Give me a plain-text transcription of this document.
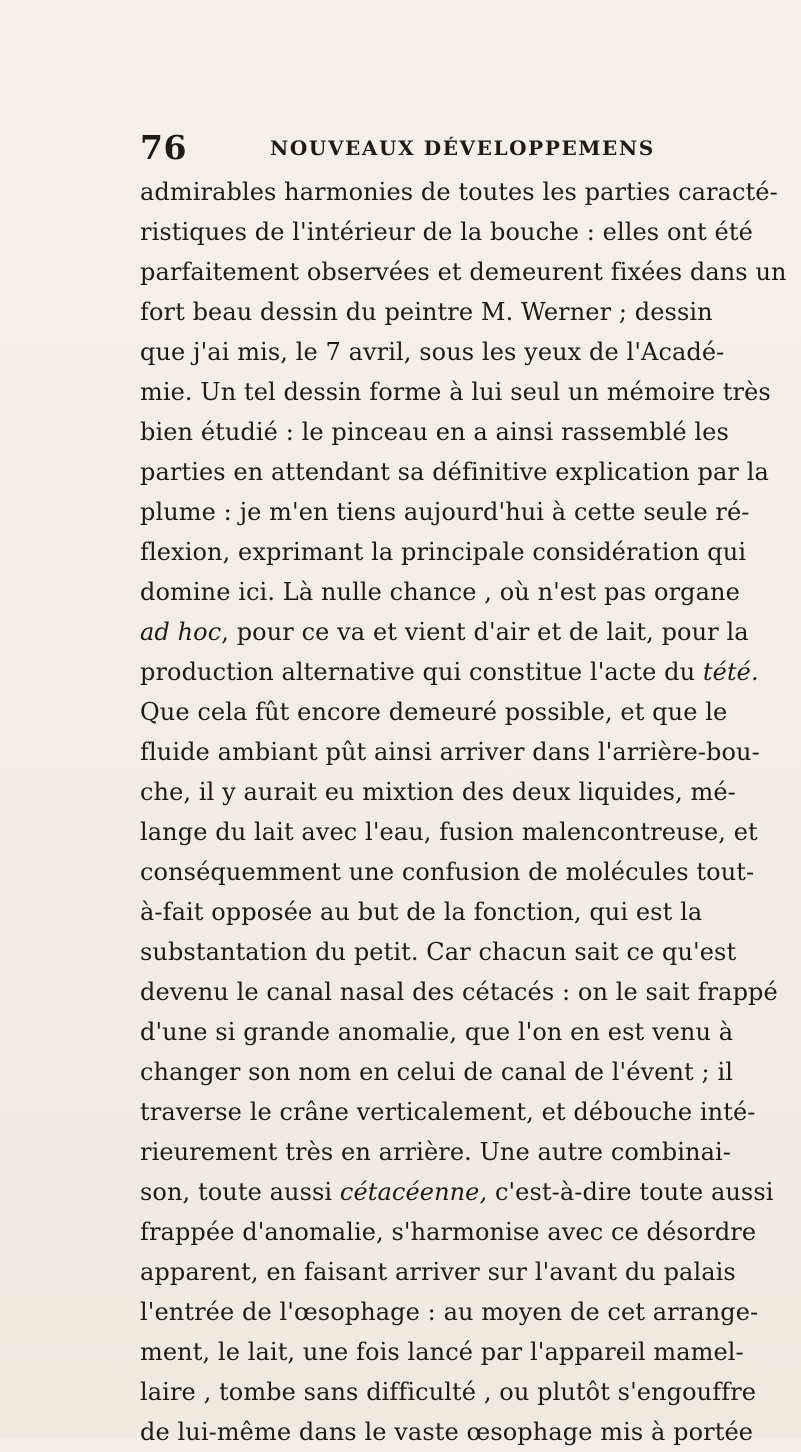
76	NOUVEAUX DÉVELOPPEMENS
admirables harmonies de toutes les parties caracté-
ristiques de l'intérieur de la bouche : elles ont été
parfaitement observées et demeurent fixées dans un
fort beau dessin du peintre M. Werner ; dessin
que j'ai mis, le 7 avril, sous les yeux de l'Acadé-
mie. Un tel dessin forme à lui seul un mémoire très
bien étudié : le pinceau en a ainsi rassemblé les
parties en attendant sa définitive explication par la
plume : je m'en tiens aujourd'hui à cette seule ré-
flexion, exprimant la principale considération qui
domine ici. Là nulle chance , où n'est pas organe
ad hoc, pour ce va et vient d'air et de lait, pour la
production alternative qui constitue l'acte du tété.
Que cela fût encore demeuré possible, et que le
fluide ambiant pût ainsi arriver dans l'arrière-bou-
che, il y aurait eu mixtion des deux liquides, mé-
lange du lait avec l'eau, fusion malencontreuse, et
conséquemment une confusion de molécules tout-
à-fait opposée au but de la fonction, qui est la
substantation du petit. Car chacun sait ce qu'est
devenu le canal nasal des cétacés : on le sait frappé
d'une si grande anomalie, que l'on en est venu à
changer son nom en celui de canal de l'évent ; il
traverse le crâne verticalement, et débouche inté-
rieurement très en arrière. Une autre combinai-
son, toute aussi cétacéenne, c'est-à-dire toute aussi
frappée d'anomalie, s'harmonise avec ce désordre
apparent, en faisant arriver sur l'avant du palais
l'entrée de l'œsophage : au moyen de cet arrange-
ment, le lait, une fois lancé par l'appareil mamel-
laire , tombe sans difficulté , ou plutôt s'engouffre
de lui-même dans le vaste œsophage mis à portée
